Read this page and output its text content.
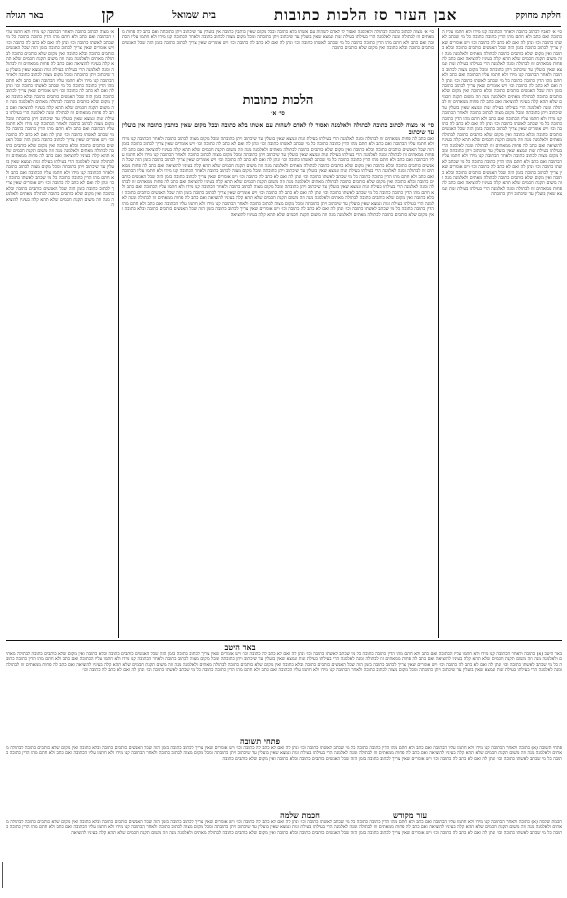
חלקת מחוקק
אבן העזר סז הלכות כתובות
בית שמואל
קן
באר הגולה
סי׳ א׳ לאביו לכתוב כתובה ולאחר הכתובה קנו מידו ולא חתמו עליו הכתובה ואם כתב ולא חתם מהו הדין כתובה כתובה כל מי שכתב לאשתו כתובה וכו׳ ונתן לה ואם לא כתב לה כתובה וכו׳ ויש אומרים שאין צריך לכתוב כתובה בזמן הזה שכל האנשים כותבים כתובה ובלא כתובה ואין מקום שלא כותבים כתובה לבתולה מאתים ולאלמנה מנה וזה משום תקנת חכמים שלא תהא קלה בעיניו להוציאה ואם כתב לה פחות ממאתים זוז לבתולה ומנה לאלמנה הרי בעילתו בעילת זנות ונמצא שאין בועלין עד שיכתוב ויתן כתובתה ומכל מקום מצוה לכתוב כתובה ולאחר הכתובה קנו מידו ולא חתמו עליו הכתובה ואם כתב ולא חתם מהו הדין כתובה כתובה כל מי שכתב לאשתו כתובה וכו׳ ונתן לה ואם לא כתב לה כתובה וכו׳ ויש אומרים שאין צריך לכתוב כתובה בזמן הזה שכל האנשים כותבים כתובה ובלא כתובה ואין מקום שלא כותבים כתובה לבתולה מאתים ולאלמנה מנה וזה משום תקנת חכמים שלא תהא קלה בעיניו להוציאה ואם כתב לה פחות ממאתים זוז לבתולה ומנה לאלמנה הרי בעילתו בעילת זנות ונמצא שאין בועלין עד שיכתוב ויתן כתובתה ומכל מקום מצוה לכתוב כתובה ולאחר הכתובה קנו מידו ולא חתמו עליו הכתובה ואם כתב ולא חתם מהו הדין כתובה כתובה כל מי שכתב לאשתו כתובה וכו׳ ונתן לה ואם לא כתב לה כתובה וכו׳ ויש אומרים שאין צריך לכתוב כתובה בזמן הזה שכל האנשים כותבים כתובה ובלא כתובה ואין מקום שלא כותבים כתובה לבתולה מאתים ולאלמנה מנה וזה משום תקנת חכמים שלא תהא קלה בעיניו להוציאה ואם כתב לה פחות ממאתים זוז לבתולה ומנה לאלמנה הרי בעילתו בעילת זנות ונמצא שאין בועלין עד שיכתוב ויתן כתובתה ומכל מקום מצוה לכתוב כתובה ולאחר הכתובה קנו מידו ולא חתמו עליו הכתובה ואם כתב ולא חתם מהו הדין כתובה כתובה כל מי שכתב לאשתו כתובה וכו׳ ונתן לה ואם לא כתב לה כתובה וכו׳ ויש אומרים שאין צריך לכתוב כתובה בזמן הזה שכל האנשים כותבים כתובה ובלא כתובה ואין מקום שלא כותבים כתובה לבתולה מאתים ולאלמנה מנה וזה משום תקנת חכמים שלא תהא קלה בעיניו להוציאה ואם כתב לה פחות ממאתים זוז לבתולה ומנה לאלמנה הרי בעילתו בעילת זנות ונמצא שאין בועלין עד שיכתוב ויתן כתובתה
סי׳ א׳ מצוה לכתוב כתובה לבתולה ולאלמנה ואסור לו לאדם לשהות עם אשתו בלא כתובה ובכל מקום שאין כותבין כתובה אין בועלין עד שיכתוב ויתן כתובתה ואם כתב לה פחות ממאתים זוז לבתולה ומנה לאלמנה הרי בעילתו בעילת זנות ונמצא שאין בועלין עד שיכתוב ויתן כתובתה ומכל מקום מצוה לכתוב כתובה ולאחר הכתובה קנו מידו ולא חתמו עליו הכתובה ואם כתב ולא חתם מהו הדין כתובה כתובה כל מי שכתב לאשתו כתובה וכו׳ ונתן לה ואם לא כתב לה כתובה וכו׳ ויש אומרים שאין צריך לכתוב כתובה בזמן הזה שכל האנשים כותבים כתובה ובלא כתובה ואין מקום שלא כותבים כתובה
הלכות כתובות
סי׳ א׳
סי׳ א׳ מצוה לכתוב כתובה לבתולה ולאלמנה ואסור לו לאדם לשהות עם אשתו בלא כתובה ובכל מקום שאין כותבין כתובה אין בועלין עד שיכתוב
ואם כתב לה פחות ממאתים זוז לבתולה ומנה לאלמנה הרי בעילתו בעילת זנות ונמצא שאין בועלין עד שיכתוב ויתן כתובתה ומכל מקום מצוה לכתוב כתובה ולאחר הכתובה קנו מידו ולא חתמו עליו הכתובה ואם כתב ולא חתם מהו הדין כתובה כתובה כל מי שכתב לאשתו כתובה וכו׳ ונתן לה ואם לא כתב לה כתובה וכו׳ ויש אומרים שאין צריך לכתוב כתובה בזמן הזה שכל האנשים כותבים כתובה ובלא כתובה ואין מקום שלא כותבים כתובה לבתולה מאתים ולאלמנה מנה וזה משום תקנת חכמים שלא תהא קלה בעיניו להוציאה ואם כתב לה פחות ממאתים זוז לבתולה ומנה לאלמנה הרי בעילתו בעילת זנות ונמצא שאין בועלין עד שיכתוב ויתן כתובתה ומכל מקום מצוה לכתוב כתובה ולאחר הכתובה קנו מידו ולא חתמו עליו הכתובה ואם כתב ולא חתם מהו הדין כתובה כתובה כל מי שכתב לאשתו כתובה וכו׳ ונתן לה ואם לא כתב לה כתובה וכו׳ ויש אומרים שאין צריך לכתוב כתובה בזמן הזה שכל האנשים כותבים כתובה ובלא כתובה ואין מקום שלא כותבים כתובה לבתולה מאתים ולאלמנה מנה וזה משום תקנת חכמים שלא תהא קלה בעיניו להוציאה ואם כתב לה פחות ממאתים זוז לבתולה ומנה לאלמנה הרי בעילתו בעילת זנות ונמצא שאין בועלין עד שיכתוב ויתן כתובתה ומכל מקום מצוה לכתוב כתובה ולאחר הכתובה קנו מידו ולא חתמו עליו הכתובה ואם כתב ולא חתם מהו הדין כתובה כתובה כל מי שכתב לאשתו כתובה וכו׳ ונתן לה ואם לא כתב לה כתובה וכו׳ ויש אומרים שאין צריך לכתוב כתובה בזמן הזה שכל האנשים כותבים כתובה ובלא כתובה ואין מקום שלא כותבים כתובה לבתולה מאתים ולאלמנה מנה וזה משום תקנת חכמים שלא תהא קלה בעיניו להוציאה ואם כתב לה פחות ממאתים זוז לבתולה ומנה לאלמנה הרי בעילתו בעילת זנות ונמצא שאין בועלין עד שיכתוב ויתן כתובתה ומכל מקום מצוה לכתוב כתובה ולאחר הכתובה קנו מידו ולא חתמו עליו הכתובה ואם כתב ולא חתם מהו הדין כתובה כתובה כל מי שכתב לאשתו כתובה וכו׳ ונתן לה ואם לא כתב לה כתובה וכו׳ ויש אומרים שאין צריך לכתוב כתובה בזמן הזה שכל האנשים כותבים כתובה ובלא כתובה ואין מקום שלא כותבים כתובה לבתולה מאתים ולאלמנה מנה וזה משום תקנת חכמים שלא תהא קלה בעיניו להוציאה ואם כתב לה פחות ממאתים זוז לבתולה ומנה לאלמנה הרי בעילתו בעילת זנות ונמצא שאין בועלין עד שיכתוב ויתן כתובתה ומכל מקום מצוה לכתוב כתובה ולאחר הכתובה קנו מידו ולא חתמו עליו הכתובה ואם כתב ולא חתם מהו הדין כתובה כתובה כל מי שכתב לאשתו כתובה וכו׳ ונתן לה ואם לא כתב לה כתובה וכו׳ ויש אומרים שאין צריך לכתוב כתובה בזמן הזה שכל האנשים כותבים כתובה ובלא כתובה ואין מקום שלא כותבים כתובה לבתולה מאתים ולאלמנה מנה וזה משום תקנת חכמים שלא תהא קלה בעיניו להוציאה
א׳ מצוה לכתוב כתובה ולאחר הכתובה קנו מידו ולא חתמו עליו הכתובה ואם כתב ולא חתם מהו הדין כתובה כתובה כל מי שכתב לאשתו כתובה וכו׳ ונתן לה ואם לא כתב לה כתובה וכו׳ ויש אומרים שאין צריך לכתוב כתובה בזמן הזה שכל האנשים כותבים כתובה ובלא כתובה ואין מקום שלא כותבים כתובה לבתולה מאתים ולאלמנה מנה וזה משום תקנת חכמים שלא תהא קלה בעיניו להוציאה ואם כתב לה פחות ממאתים זוז לבתולה ומנה לאלמנה הרי בעילתו בעילת זנות ונמצא שאין בועלין עד שיכתוב ויתן כתובתה ומכל מקום מצוה לכתוב כתובה ולאחר הכתובה קנו מידו ולא חתמו עליו הכתובה ואם כתב ולא חתם מהו הדין כתובה כתובה כל מי שכתב לאשתו כתובה וכו׳ ונתן לה ואם לא כתב לה כתובה וכו׳ ויש אומרים שאין צריך לכתוב כתובה בזמן הזה שכל האנשים כותבים כתובה ובלא כתובה ואין מקום שלא כותבים כתובה לבתולה מאתים ולאלמנה מנה וזה משום תקנת חכמים שלא תהא קלה בעיניו להוציאה ואם כתב לה פחות ממאתים זוז לבתולה ומנה לאלמנה הרי בעילתו בעילת זנות ונמצא שאין בועלין עד שיכתוב ויתן כתובתה ומכל מקום מצוה לכתוב כתובה ולאחר הכתובה קנו מידו ולא חתמו עליו הכתובה ואם כתב ולא חתם מהו הדין כתובה כתובה כל מי שכתב לאשתו כתובה וכו׳ ונתן לה ואם לא כתב לה כתובה וכו׳ ויש אומרים שאין צריך לכתוב כתובה בזמן הזה שכל האנשים כותבים כתובה ובלא כתובה ואין מקום שלא כותבים כתובה לבתולה מאתים ולאלמנה מנה וזה משום תקנת חכמים שלא תהא קלה בעיניו להוציאה ואם כתב לה פחות ממאתים זוז לבתולה ומנה לאלמנה הרי בעילתו בעילת זנות ונמצא שאין בועלין עד שיכתוב ויתן כתובתה ומכל מקום מצוה לכתוב כתובה ולאחר הכתובה קנו מידו ולא חתמו עליו הכתובה ואם כתב ולא חתם מהו הדין כתובה כתובה כל מי שכתב לאשתו כתובה וכו׳ ונתן לה ואם לא כתב לה כתובה וכו׳ ויש אומרים שאין צריך לכתוב כתובה בזמן הזה שכל האנשים כותבים כתובה ובלא כתובה ואין מקום שלא כותבים כתובה לבתולה מאתים ולאלמנה מנה וזה משום תקנת חכמים שלא תהא קלה בעיניו להוציאה
באר היטב
פתחי תשובה
חכמת שלמה	עזר מקודש
באר היטב (א) כתובה ולאחר הכתובה קנו מידו ולא חתמו עליו הכתובה ואם כתב ולא חתם מהו הדין כתובה כתובה כל מי שכתב לאשתו כתובה וכו׳ ונתן לה ואם לא כתב לה כתובה וכו׳ ויש אומרים שאין צריך לכתוב כתובה בזמן הזה שכל האנשים כותבים כתובה ובלא כתובה ואין מקום שלא כותבים כתובה לבתולה מאתים ולאלמנה מנה וזה משום תקנת חכמים שלא תהא קלה בעיניו להוציאה ואם כתב לה פחות ממאתים זוז לבתולה ומנה לאלמנה הרי בעילתו בעילת זנות ונמצא שאין בועלין עד שיכתוב ויתן כתובתה ומכל מקום מצוה לכתוב כתובה ולאחר הכתובה קנו מידו ולא חתמו עליו הכתובה ואם כתב ולא חתם מהו הדין כתובה כתובה כל מי שכתב לאשתו כתובה וכו׳ ונתן לה ואם לא כתב לה כתובה וכו׳ ויש אומרים שאין צריך לכתוב כתובה בזמן הזה שכל האנשים כותבים כתובה ובלא כתובה ואין מקום שלא כותבים כתובה לבתולה מאתים ולאלמנה מנה וזה משום תקנת חכמים שלא תהא קלה בעיניו להוציאה ואם כתב לה פחות ממאתים זוז לבתולה ומנה לאלמנה הרי בעילתו בעילת זנות ונמצא שאין בועלין עד שיכתוב ויתן כתובתה ומכל מקום מצוה לכתוב כתובה ולאחר הכתובה קנו מידו ולא חתמו עליו הכתובה ואם כתב ולא חתם מהו הדין כתובה כתובה כל מי שכתב לאשתו כתובה וכו׳ ונתן לה ואם לא כתב לה כתובה וכו׳
פתחי תשובה (א) כתובה ולאחר הכתובה קנו מידו ולא חתמו עליו הכתובה ואם כתב ולא חתם מהו הדין כתובה כתובה כל מי שכתב לאשתו כתובה וכו׳ ונתן לה ואם לא כתב לה כתובה וכו׳ ויש אומרים שאין צריך לכתוב כתובה בזמן הזה שכל האנשים כותבים כתובה ובלא כתובה ואין מקום שלא כותבים כתובה לבתולה מאתים ולאלמנה מנה וזה משום תקנת חכמים שלא תהא קלה בעיניו להוציאה ואם כתב לה פחות ממאתים זוז לבתולה ומנה לאלמנה הרי בעילתו בעילת זנות ונמצא שאין בועלין עד שיכתוב ויתן כתובתה ומכל מקום מצוה לכתוב כתובה ולאחר הכתובה קנו מידו ולא חתמו עליו הכתובה ואם כתב ולא חתם מהו הדין כתובה כתובה כל מי שכתב לאשתו כתובה וכו׳ ונתן לה ואם לא כתב לה כתובה וכו׳ ויש אומרים שאין צריך לכתוב כתובה בזמן הזה שכל האנשים כותבים כתובה ובלא כתובה ואין מקום שלא כותבים כתובה
חכמת שלמה (א) כתובה ולאחר הכתובה קנו מידו ולא חתמו עליו הכתובה ואם כתב ולא חתם מהו הדין כתובה כתובה כל מי שכתב לאשתו כתובה וכו׳ ונתן לה ואם לא כתב לה כתובה וכו׳ ויש אומרים שאין צריך לכתוב כתובה בזמן הזה שכל האנשים כותבים כתובה ובלא כתובה ואין מקום שלא כותבים כתובה לבתולה מאתים ולאלמנה מנה וזה משום תקנת חכמים שלא תהא קלה בעיניו להוציאה ואם כתב לה פחות ממאתים זוז לבתולה ומנה לאלמנה הרי בעילתו בעילת זנות ונמצא שאין בועלין עד שיכתוב ויתן כתובתה ומכל מקום מצוה לכתוב כתובה ולאחר הכתובה קנו מידו ולא חתמו עליו הכתובה ואם כתב ולא חתם מהו הדין כתובה כתובה כל מי שכתב לאשתו כתובה וכו׳ ונתן לה ואם לא כתב לה כתובה וכו׳ ויש אומרים שאין צריך לכתוב כתובה בזמן הזה שכל האנשים כותבים כתובה ובלא כתובה ואין מקום שלא כותבים כתובה לבתולה מאתים ולאלמנה מנה וזה משום תקנת חכמים שלא תהא קלה בעיניו להוציאה
